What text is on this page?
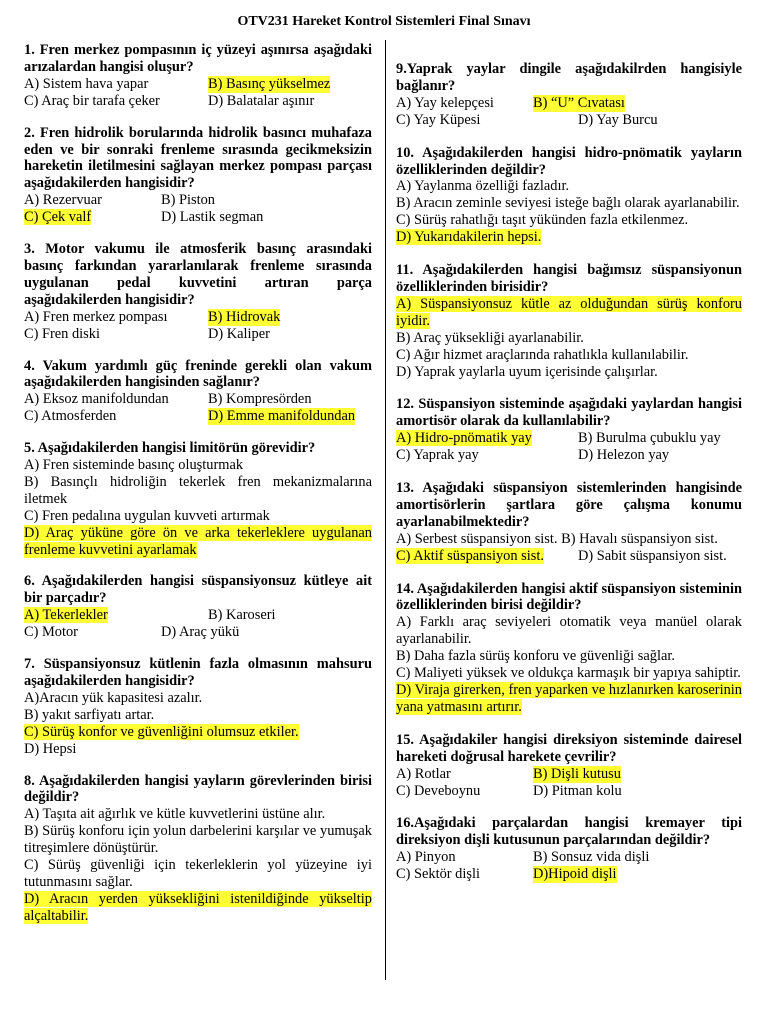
OTV231 Hareket Kontrol Sistemleri Final Sınavı
1. Fren merkez pompasının iç yüzeyi aşınırsa aşağıdaki arızalardan hangisi oluşur?
A) Sistem hava yapar	B) Basınç yükselmez
C) Araç bir tarafa çeker	D) Balatalar aşınır
2. Fren hidrolik borularında hidrolik basıncı muhafaza eden ve bir sonraki frenleme sırasında gecikmeksizin hareketin iletilmesini sağlayan merkez pompası parçası aşağıdakilerden hangisidir?
A) Rezervuar	B) Piston
C) Çek valf	D) Lastik segman
3. Motor vakumu ile atmosferik basınç arasındaki basınç farkından yararlanılarak frenleme sırasında uygulanan pedal kuvvetini artıran parça aşağıdakilerden hangisidir?
A) Fren merkez pompası	B) Hidrovak
C) Fren diski	D) Kaliper
4. Vakum yardımlı güç freninde gerekli olan vakum aşağıdakilerden hangisinden sağlanır?
A) Eksoz manifoldundan	B) Kompresörden
C) Atmosferden	D) Emme manifoldundan
5. Aşağıdakilerden hangisi limitörün görevidir?
A) Fren sisteminde basınç oluşturmak
B) Basınçlı hidroliğin tekerlek fren mekanizmalarına iletmek
C) Fren pedalına uygulan kuvveti artırmak
D) Araç yüküne göre ön ve arka tekerleklere uygulanan frenleme kuvvetini ayarlamak
6. Aşağıdakilerden hangisi süspansiyonsuz kütleye ait bir parçadır?
A) Tekerlekler	B) Karoseri
C) Motor	D) Araç yükü
7. Süspansiyonsuz kütlenin fazla olmasının mahsuru aşağıdakilerden hangisidir?
A)Aracın yük kapasitesi azalır.
B) yakıt sarfiyatı artar.
C) Sürüş konfor ve güvenliğini olumsuz etkiler.
D) Hepsi
8. Aşağıdakilerden hangisi yayların görevlerinden birisi değildir?
A) Taşıta ait ağırlık ve kütle kuvvetlerini üstüne alır.
B) Sürüş konforu için yolun darbelerini karşılar ve yumuşak titreşimlere dönüştürür.
C) Sürüş güvenliği için tekerleklerin yol yüzeyine iyi tutunmasını sağlar.
D) Aracın yerden yüksekliğini istenildiğinde yükseltip alçaltabilir.
9.Yaprak yaylar dingile aşağıdakilrden hangisiyle bağlanır?
A) Yay kelepçesi	B) “U” Cıvatası
C) Yay Küpesi	D) Yay Burcu
10. Aşağıdakilerden hangisi hidro-pnömatik yayların özelliklerinden değildir?
A) Yaylanma özelliği fazladır.
B) Aracın zeminle seviyesi isteğe bağlı olarak ayarlanabilir.
C) Sürüş rahatlığı taşıt yükünden fazla etkilenmez.
D) Yukarıdakilerin hepsi.
11. Aşağıdakilerden hangisi bağımsız süspansiyonun özelliklerinden birisidir?
A) Süspansiyonsuz kütle az olduğundan sürüş konforu iyidir.
B) Araç yüksekliği ayarlanabilir.
C) Ağır hizmet araçlarında rahatlıkla kullanılabilir.
D) Yaprak yaylarla uyum içerisinde çalışırlar.
12. Süspansiyon sisteminde aşağıdaki yaylardan hangisi amortisör olarak da kullanılabilir?
A) Hidro-pnömatik yay	B) Burulma çubuklu yay
C) Yaprak yay	D) Helezon yay
13. Aşağıdaki süspansiyon sistemlerinden hangisinde amortisörlerin şartlara göre çalışma konumu ayarlanabilmektedir?
A) Serbest süspansiyon sist. B) Havalı süspansiyon sist.
C) Aktif süspansiyon sist.	D) Sabit süspansiyon sist.
14. Aşağıdakilerden hangisi aktif süspansiyon sisteminin özelliklerinden birisi değildir?
A) Farklı araç seviyeleri otomatik veya manüel olarak ayarlanabilir.
B) Daha fazla sürüş konforu ve güvenliği sağlar.
C) Maliyeti yüksek ve oldukça karmaşık bir yapıya sahiptir.
D) Viraja girerken, fren yaparken ve hızlanırken karoserinin yana yatmasını artırır.
15. Aşağıdakiler hangisi direksiyon sisteminde dairesel hareketi doğrusal harekete çevrilir?
A) Rotlar	B) Dişli kutusu
C) Deveboynu	D) Pitman kolu
16.Aşağıdaki parçalardan hangisi kremayer tipi direksiyon dişli kutusunun parçalarından değildir?
A) Pinyon	B) Sonsuz vida dişli
C) Sektör dişli	D)Hipoid dişli
